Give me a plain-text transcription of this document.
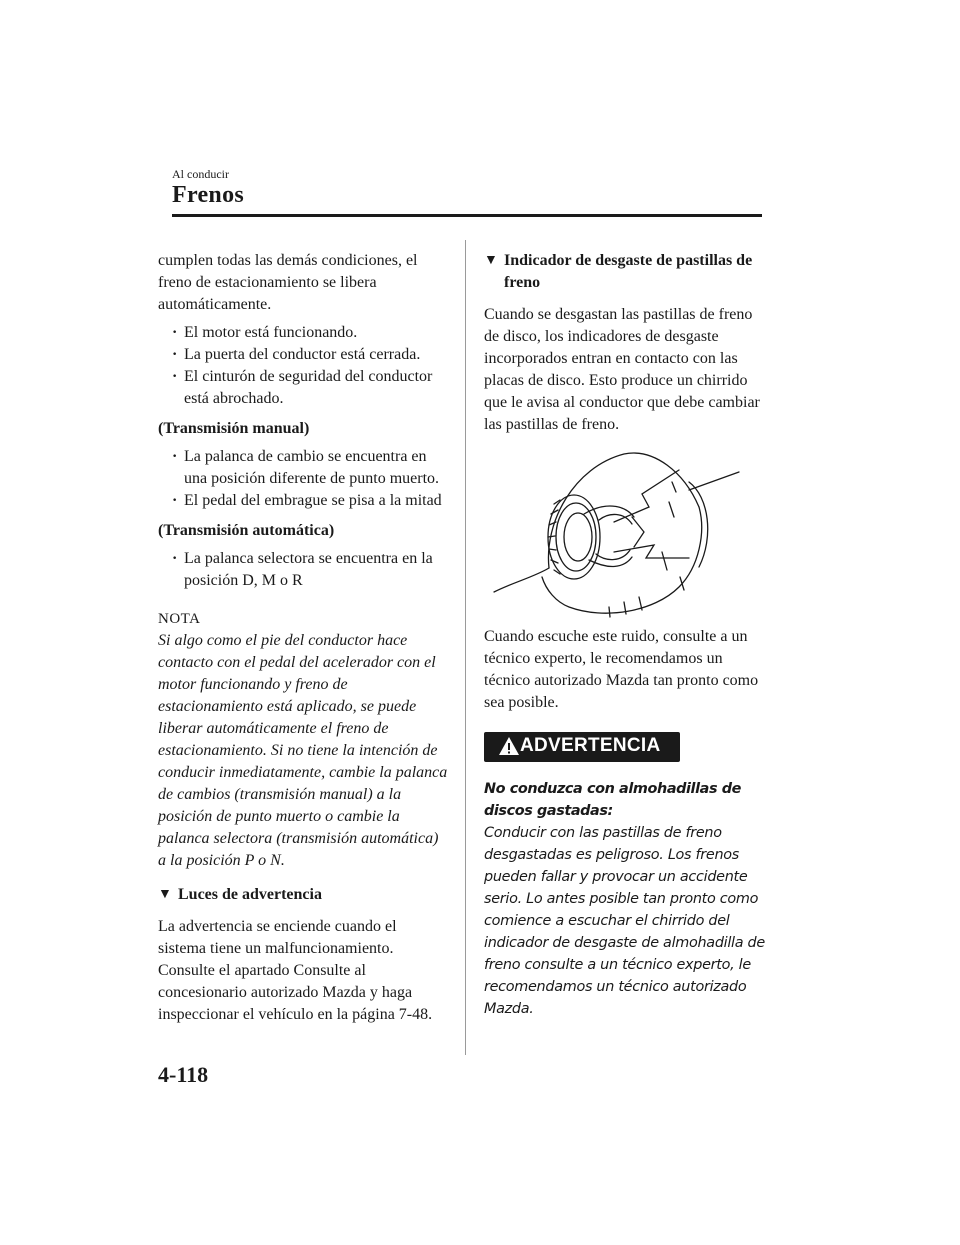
Al conducir
Frenos

cumplen todas las demás condiciones, el freno de estacionamiento se libera automáticamente.

· El motor está funcionando.
· La puerta del conductor está cerrada.
· El cinturón de seguridad del conductor está abrochado.

(Transmisión manual)

· La palanca de cambio se encuentra en una posición diferente de punto muerto.
· El pedal del embrague se pisa a la mitad

(Transmisión automática)

· La palanca selectora se encuentra en la posición D, M o R

NOTA

Si algo como el pie del conductor hace contacto con el pedal del acelerador con el motor funcionando y freno de estacionamiento está aplicado, se puede liberar automáticamente el freno de estacionamiento. Si no tiene la intención de conducir inmediatamente, cambie la palanca de cambios (transmisión manual) a la posición de punto muerto o cambie la palanca selectora (transmisión automática) a la posición P o N.

▼ Luces de advertencia

La advertencia se enciende cuando el sistema tiene un malfuncionamiento. Consulte el apartado Consulte al concesionario autorizado Mazda y haga inspeccionar el vehículo en la página 7-48.

▼ Indicador de desgaste de pastillas de freno

Cuando se desgastan las pastillas de freno de disco, los indicadores de desgaste incorporados entran en contacto con las placas de disco. Esto produce un chirrido que le avisa al conductor que debe cambiar las pastillas de freno.

Cuando escuche este ruido, consulte a un técnico experto, le recomendamos un técnico autorizado Mazda tan pronto como sea posible.

ADVERTENCIA

No conduzca con almohadillas de discos gastadas:
Conducir con las pastillas de freno desgastadas es peligroso. Los frenos pueden fallar y provocar un accidente serio. Lo antes posible tan pronto como comience a escuchar el chirrido del indicador de desgaste de almohadilla de freno consulte a un técnico experto, le recomendamos un técnico autorizado Mazda.

4-118
